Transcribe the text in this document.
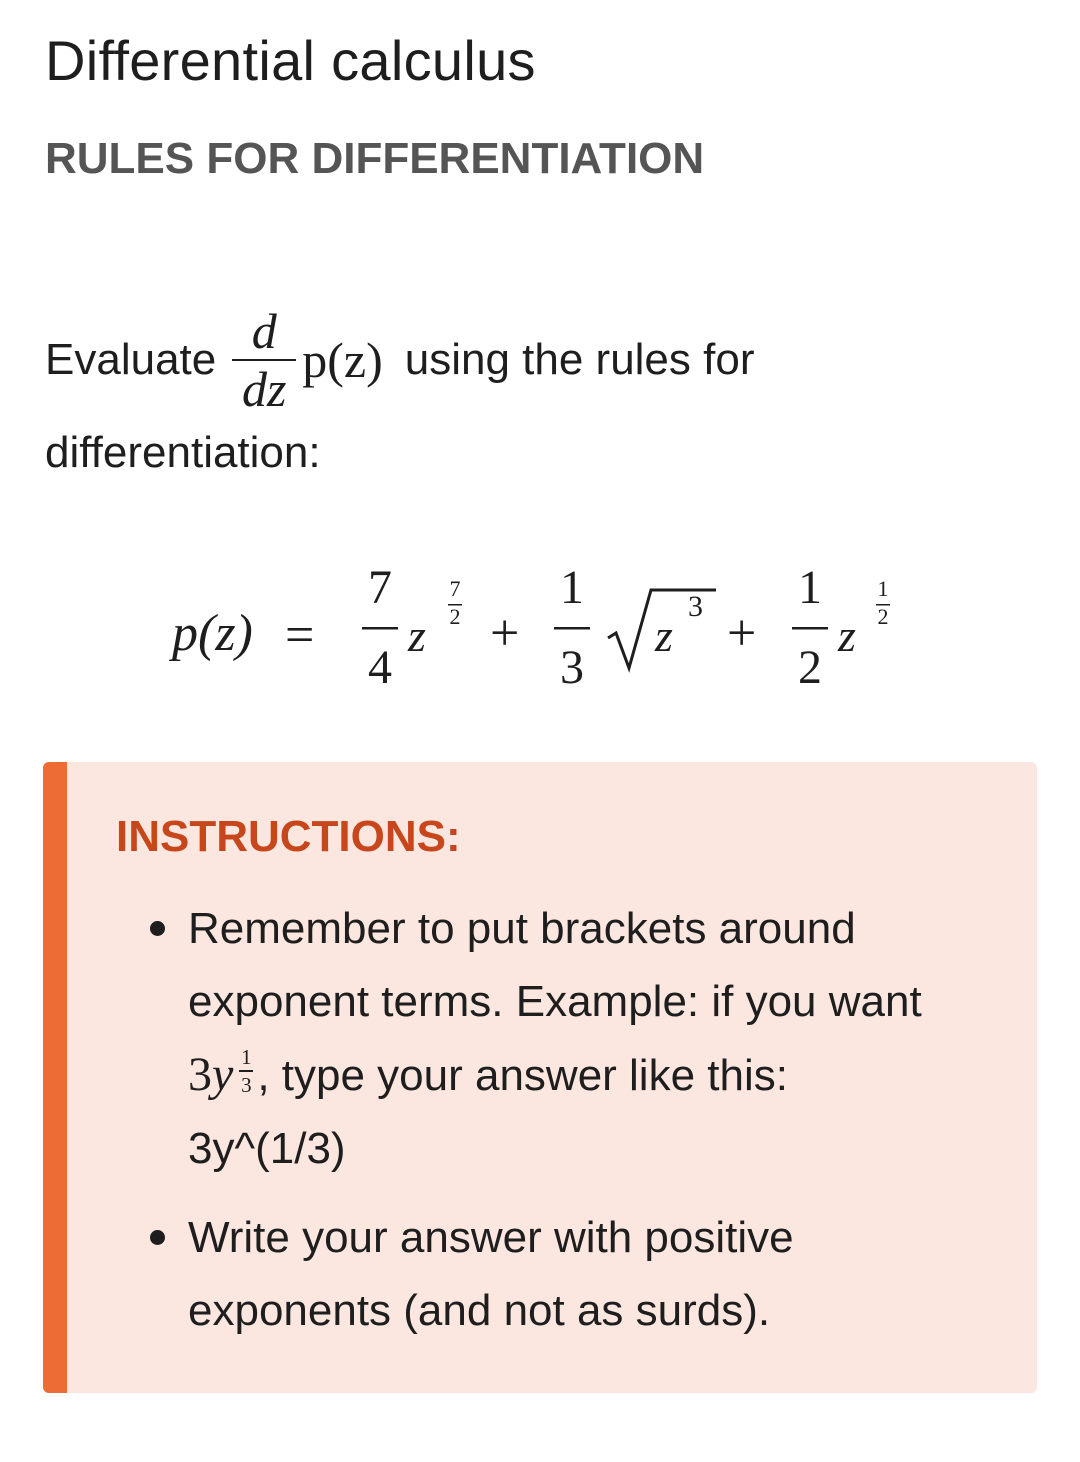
Differential calculus
RULES FOR DIFFERENTIATION
Evaluate $\frac{d}{dz} p(z)$ using the rules for
differentiation:
p(z) =
7
4
z
7
2 +
1
3
z
3 +
1
2
z
1
2
INSTRUCTIONS:
Remember to put brackets around exponent terms. Example: if you want
$3y \frac{1}{3}$ , type your answer like this:
3y^(1/3)
Write your answer with positive exponents (and not as surds).
